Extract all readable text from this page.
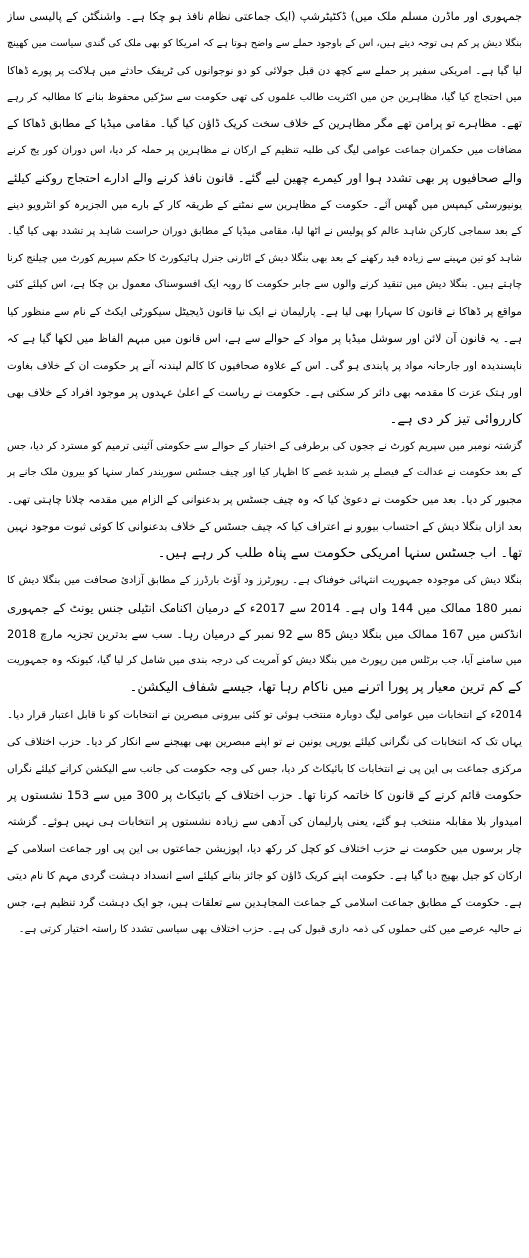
جمہوری اور ماڈرن مسلم ملک میں) ڈکٹیٹرشپ (ایک جماعتی نظام نافذ ہو چکا ہے۔ واشنگٹن کے پالیسی ساز
بنگلا دیش پر کم ہی توجہ دیتے ہیں، اس کے باوجود حملے سے واضح ہوتا ہے کہ امریکا کو بھی ملک کی گندی سیاست میں کھینچ
لیا گیا ہے۔ امریکی سفیر پر حملے سے کچھ دن قبل جولائی کو دو نوجوانوں کی ٹریفک حادثے میں ہلاکت پر پورے ڈھاکا
میں احتجاج کیا گیا، مظاہرین جن میں اکثریت طالب علموں کی تھی حکومت سے سڑکیں محفوظ بنانے کا مطالبہ کر رہے
تھے۔ مظاہرے تو پرامن تھے مگر مظاہرین کے خلاف سخت کریک ڈاؤن کیا گیا۔ مقامی میڈیا کے مطابق ڈھاکا کے
مضافات میں حکمران جماعت عوامی لیگ کی طلبہ تنظیم کے ارکان نے مظاہرین پر حملہ کر دیا، اس دوران کور یج کرنے
والے صحافیوں پر بھی تشدد ہوا اور کیمرے چھین لیے گئے۔ قانون نافذ کرنے والے ادارے احتجاج روکنے کیلئے
یونیورسٹی کیمپس میں گھس آئے۔ حکومت کے مظاہرین سے نمٹنے کے طریقہ کار کے بارے میں الجزیرہ کو انٹرویو دینے
کے بعد سماجی کارکن شاہد عالم کو پولیس نے اٹھا لیا، مقامی میڈیا کے مطابق دوران حراست شاہد پر تشدد بھی کیا گیا۔
شاہد کو تین مہینے سے زیادہ قید رکھنے کے بعد بھی بنگلا دیش کے اٹارنی جنرل ہائیکورٹ کا حکم سپریم کورٹ میں چیلنج کرنا
چاہتے ہیں۔ بنگلا دیش میں تنقید کرنے والوں سے جابر حکومت کا رویہ ایک افسوسناک معمول بن چکا ہے، اس کیلئے کئی
مواقع پر ڈھاکا نے قانون کا سہارا بھی لیا ہے۔ پارلیمان نے ایک نیا قانون ڈیجیٹل سیکورٹی ایکٹ کے نام سے منظور کیا
ہے۔ یہ قانون آن لائن اور سوشل میڈیا پر مواد کے حوالے سے ہے، اس قانون میں مبہم الفاظ میں لکھا گیا ہے کہ
ناپسندیدہ اور جارحانہ مواد پر پابندی ہو گی۔ اس کے علاوہ صحافیوں کا کالم لیندنہ آنے پر حکومت ان کے خلاف بغاوت
اور ہتک عزت کا مقدمہ بھی دائر کر سکتی ہے۔ حکومت نے ریاست کے اعلیٰ عہدوں پر موجود افراد کے خلاف بھی
کارروائی تیز کر دی ہے۔
گزشتہ نومبر میں سپریم کورٹ نے ججوں کی برطرفی کے اختیار کے حوالے سے حکومتی آئینی ترمیم کو مسترد کر دیا، جس
کے بعد حکومت نے عدالت کے فیصلے پر شدید غصے کا اظہار کیا اور چیف جسٹس سوریندر کمار سنہا کو بیرون ملک جانے پر
مجبور کر دیا۔ بعد میں حکومت نے دعویٰ کیا کہ وہ چیف جسٹس پر بدعنوانی کے الزام میں مقدمہ چلانا چاہتی تھی۔
بعد ازاں بنگلا دیش کے احتساب بیورو نے اعتراف کیا کہ چیف جسٹس کے خلاف بدعنوانی کا کوئی ثبوت موجود نہیں
تھا۔ اب جسٹس سنہا امریکی حکومت سے پناہ طلب کر رہے ہیں۔
بنگلا دیش کی موجودہ جمہوریت انتہائی خوفناک ہے۔ رپورٹرز ود آؤٹ بارڈرز کے مطابق آزادیٔ صحافت میں بنگلا دیش کا
نمبر 180 ممالک میں 144 واں ہے۔ 2014 سے 2017ء کے درمیان اکنامک انٹیلی جنس یونٹ کے جمہوری
انڈکس میں 167 ممالک میں بنگلا دیش 85 سے 92 نمبر کے درمیان رہا۔ سب سے بدترین تجزیہ مارچ 2018
میں سامنے آیا، جب برٹلس مین رپورٹ میں بنگلا دیش کو آمریت کی درجہ بندی میں شامل کر لیا گیا، کیونکہ وہ جمہوریت
کے کم ترین معیار پر پورا اترنے میں ناکام رہا تھا، جیسے شفاف الیکشن۔
2014ء کے انتخابات میں عوامی لیگ دوبارہ منتخب ہوئی تو کئی بیرونی مبصرین نے انتخابات کو نا قابل اعتبار قرار دیا۔
یہاں تک کہ انتخابات کی نگرانی کیلئے یورپی یونین نے تو اپنے مبصرین بھی بھیجنے سے انکار کر دیا۔ حزب اختلاف کی
مرکزی جماعت بی این پی نے انتخابات کا بائیکاٹ کر دیا، جس کی وجہ حکومت کی جانب سے الیکشن کرانے کیلئے نگراں
حکومت قائم کرنے کے قانون کا خاتمہ کرنا تھا۔ حزب اختلاف کے بائیکاٹ پر 300 میں سے 153 نشستوں پر
امیدوار بلا مقابلہ منتخب ہو گئے، یعنی پارلیمان کی آدھی سے زیادہ نشستوں پر انتخابات ہی نہیں ہوئے۔ گزشتہ
چار برسوں میں حکومت نے حزب اختلاف کو کچل کر رکھ دیا، اپوزیشن جماعتوں بی این پی اور جماعت اسلامی کے
ارکان کو جیل بھیج دیا گیا ہے۔ حکومت اپنے کریک ڈاؤن کو جائز بنانے کیلئے اسے انسداد دہشت گردی مہم کا نام دیتی
ہے۔ حکومت کے مطابق جماعت اسلامی کے جماعت المجاہدین سے تعلقات ہیں، جو ایک دہشت گرد تنظیم ہے، جس
نے حالیہ عرصے میں کئی حملوں کی ذمہ داری قبول کی ہے۔ حزب اختلاف بھی سیاسی تشدد کا راستہ اختیار کرتی ہے۔
